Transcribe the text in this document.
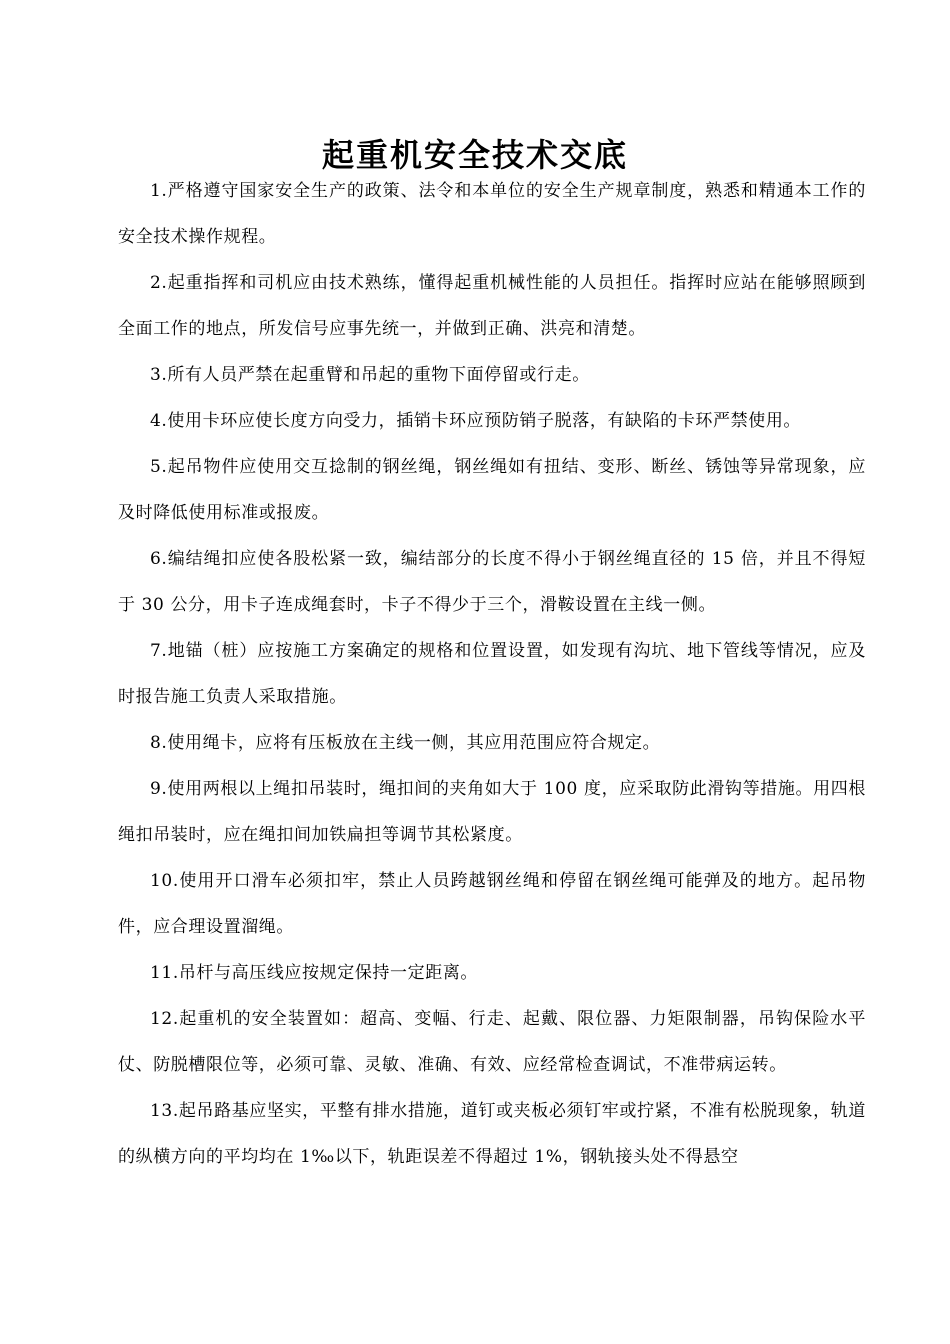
起重机安全技术交底

1.严格遵守国家安全生产的政策、法令和本单位的安全生产规章制度，熟悉和精通本工作的安全技术操作规程。

2.起重指挥和司机应由技术熟练，懂得起重机械性能的人员担任。指挥时应站在能够照顾到全面工作的地点，所发信号应事先统一，并做到正确、洪亮和清楚。

3.所有人员严禁在起重臂和吊起的重物下面停留或行走。

4.使用卡环应使长度方向受力，插销卡环应预防销子脱落，有缺陷的卡环严禁使用。

5.起吊物件应使用交互捻制的钢丝绳，钢丝绳如有扭结、变形、断丝、锈蚀等异常现象，应及时降低使用标准或报废。

6.编结绳扣应使各股松紧一致，编结部分的长度不得小于钢丝绳直径的 15 倍，并且不得短于 30 公分，用卡子连成绳套时，卡子不得少于三个，滑鞍设置在主线一侧。

7.地锚（桩）应按施工方案确定的规格和位置设置，如发现有沟坑、地下管线等情况，应及时报告施工负责人采取措施。

8.使用绳卡，应将有压板放在主线一侧，其应用范围应符合规定。

9.使用两根以上绳扣吊装时，绳扣间的夹角如大于 100 度，应采取防此滑钩等措施。用四根绳扣吊装时，应在绳扣间加铁扁担等调节其松紧度。

10.使用开口滑车必须扣牢，禁止人员跨越钢丝绳和停留在钢丝绳可能弹及的地方。起吊物件，应合理设置溜绳。

11.吊杆与高压线应按规定保持一定距离。

12.起重机的安全装置如：超高、变幅、行走、起戴、限位器、力矩限制器，吊钩保险水平仗、防脱槽限位等，必须可靠、灵敏、准确、有效、应经常检查调试，不准带病运转。

13.起吊路基应坚实，平整有排水措施，道钉或夹板必须钉牢或拧紧，不准有松脱现象，轨道的纵横方向的平均均在 1‰以下，轨距误差不得超过 1%，钢轨接头处不得悬空
